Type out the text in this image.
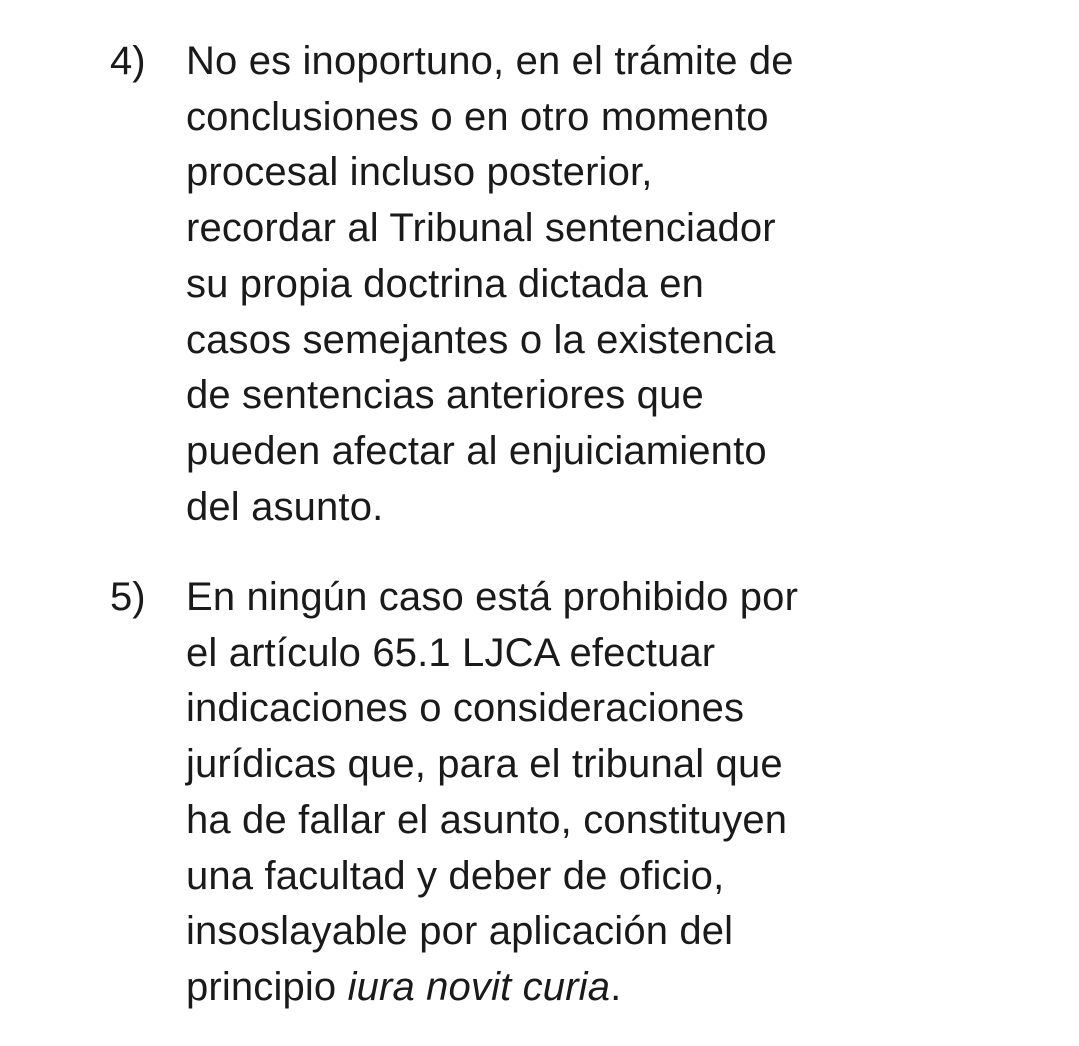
4) No es inoportuno, en el trámite de
conclusiones o en otro momento
procesal incluso posterior,
recordar al Tribunal sentenciador
su propia doctrina dictada en
casos semejantes o la existencia
de sentencias anteriores que
pueden afectar al enjuiciamiento
del asunto.
5) En ningún caso está prohibido por
el artículo 65.1 LJCA efectuar
indicaciones o consideraciones
jurídicas que, para el tribunal que
ha de fallar el asunto, constituyen
una facultad y deber de oficio,
insoslayable por aplicación del
principio iura novit curia.
